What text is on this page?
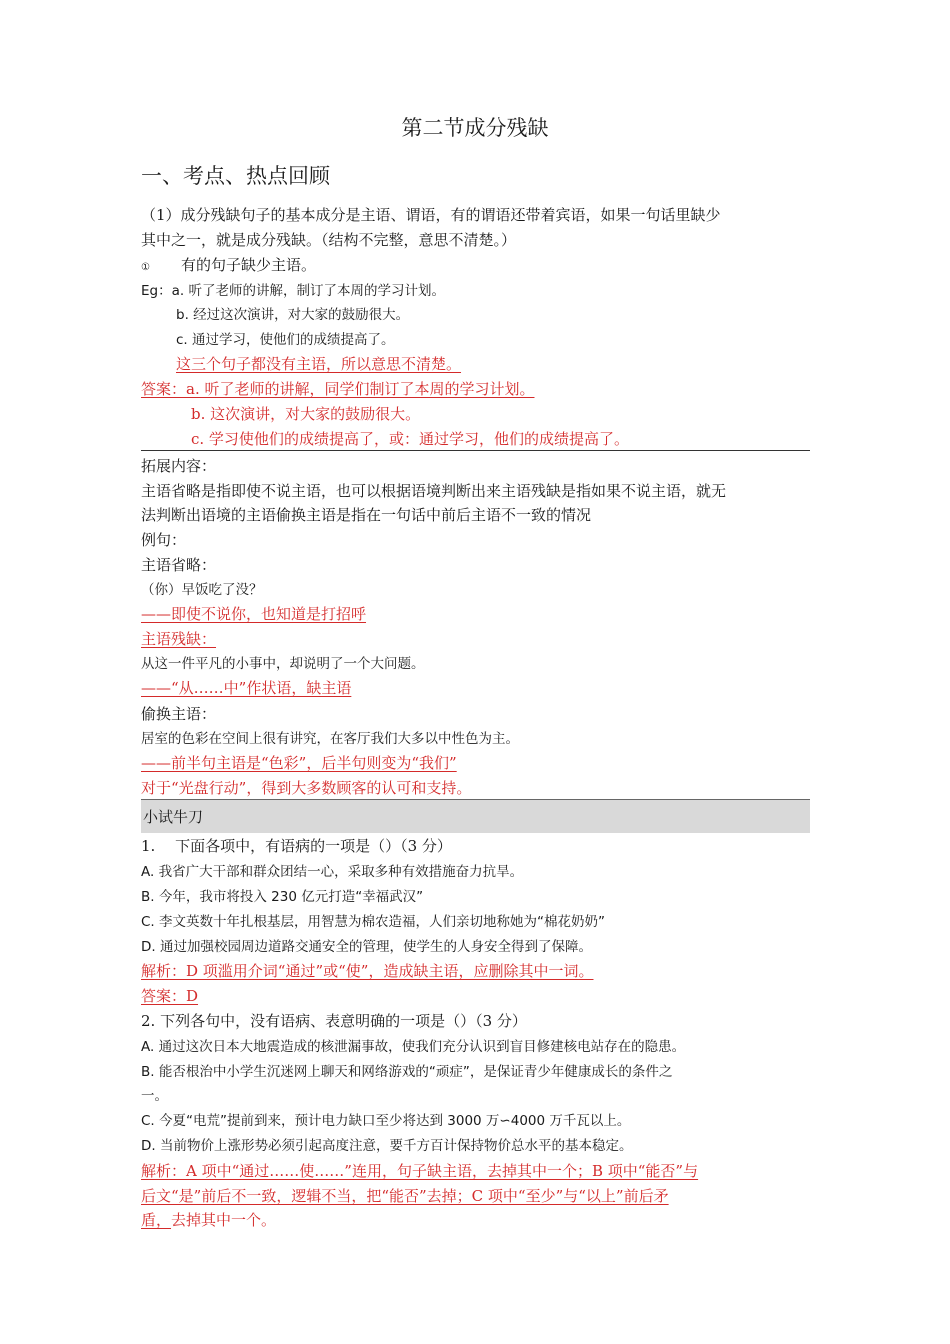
第二节成分残缺
一、考点、热点回顾
（1）成分残缺句子的基本成分是主语、谓语，有的谓语还带着宾语，如果一句话里缺少
其中之一，就是成分残缺。（结构不完整，意思不清楚。）
① 有的句子缺少主语。
Eg：a. 听了老师的讲解，制订了本周的学习计划。
b. 经过这次演讲，对大家的鼓励很大。
c. 通过学习，使他们的成绩提高了。
这三个句子都没有主语，所以意思不清楚。
答案：a. 听了老师的讲解，同学们制订了本周的学习计划。
b. 这次演讲，对大家的鼓励很大。
c. 学习使他们的成绩提高了，或：通过学习，他们的成绩提高了。
拓展内容：
主语省略是指即使不说主语，也可以根据语境判断出来主语残缺是指如果不说主语，就无
法判断出语境的主语偷换主语是指在一句话中前后主语不一致的情况
例句：
主语省略：
（你）早饭吃了没？
——即使不说你，也知道是打招呼
主语残缺：
从这一件平凡的小事中，却说明了一个大问题。
——“从……中”作状语，缺主语
偷换主语：
居室的色彩在空间上很有讲究，在客厅我们大多以中性色为主。
——前半句主语是“色彩”，后半句则变为“我们”
对于“光盘行动”，得到大多数顾客的认可和支持。
小试牛刀
1.　 下面各项中，有语病的一项是（）（3 分）
A. 我省广大干部和群众团结一心，采取多种有效措施奋力抗旱。
B. 今年，我市将投入 230 亿元打造“幸福武汉”
C. 李文英数十年扎根基层，用智慧为棉农造福，人们亲切地称她为“棉花奶奶”
D. 通过加强校园周边道路交通安全的管理，使学生的人身安全得到了保障。
解析：D 项滥用介词“通过”或“使”，造成缺主语，应删除其中一词。
答案：D
2. 下列各句中，没有语病、表意明确的一项是（）（3 分）
A. 通过这次日本大地震造成的核泄漏事故，使我们充分认识到盲目修建核电站存在的隐患。
B. 能否根治中小学生沉迷网上聊天和网络游戏的“顽症”，是保证青少年健康成长的条件之
一。
C. 今夏“电荒”提前到来，预计电力缺口至少将达到 3000 万∽4000 万千瓦以上。
D. 当前物价上涨形势必须引起高度注意，要千方百计保持物价总水平的基本稳定。
解析：A 项中“通过……使……”连用，句子缺主语，去掉其中一个；B 项中“能否”与
后文“是”前后不一致，逻辑不当，把“能否”去掉；C 项中“至少”与“以上”前后矛
盾，去掉其中一个。
